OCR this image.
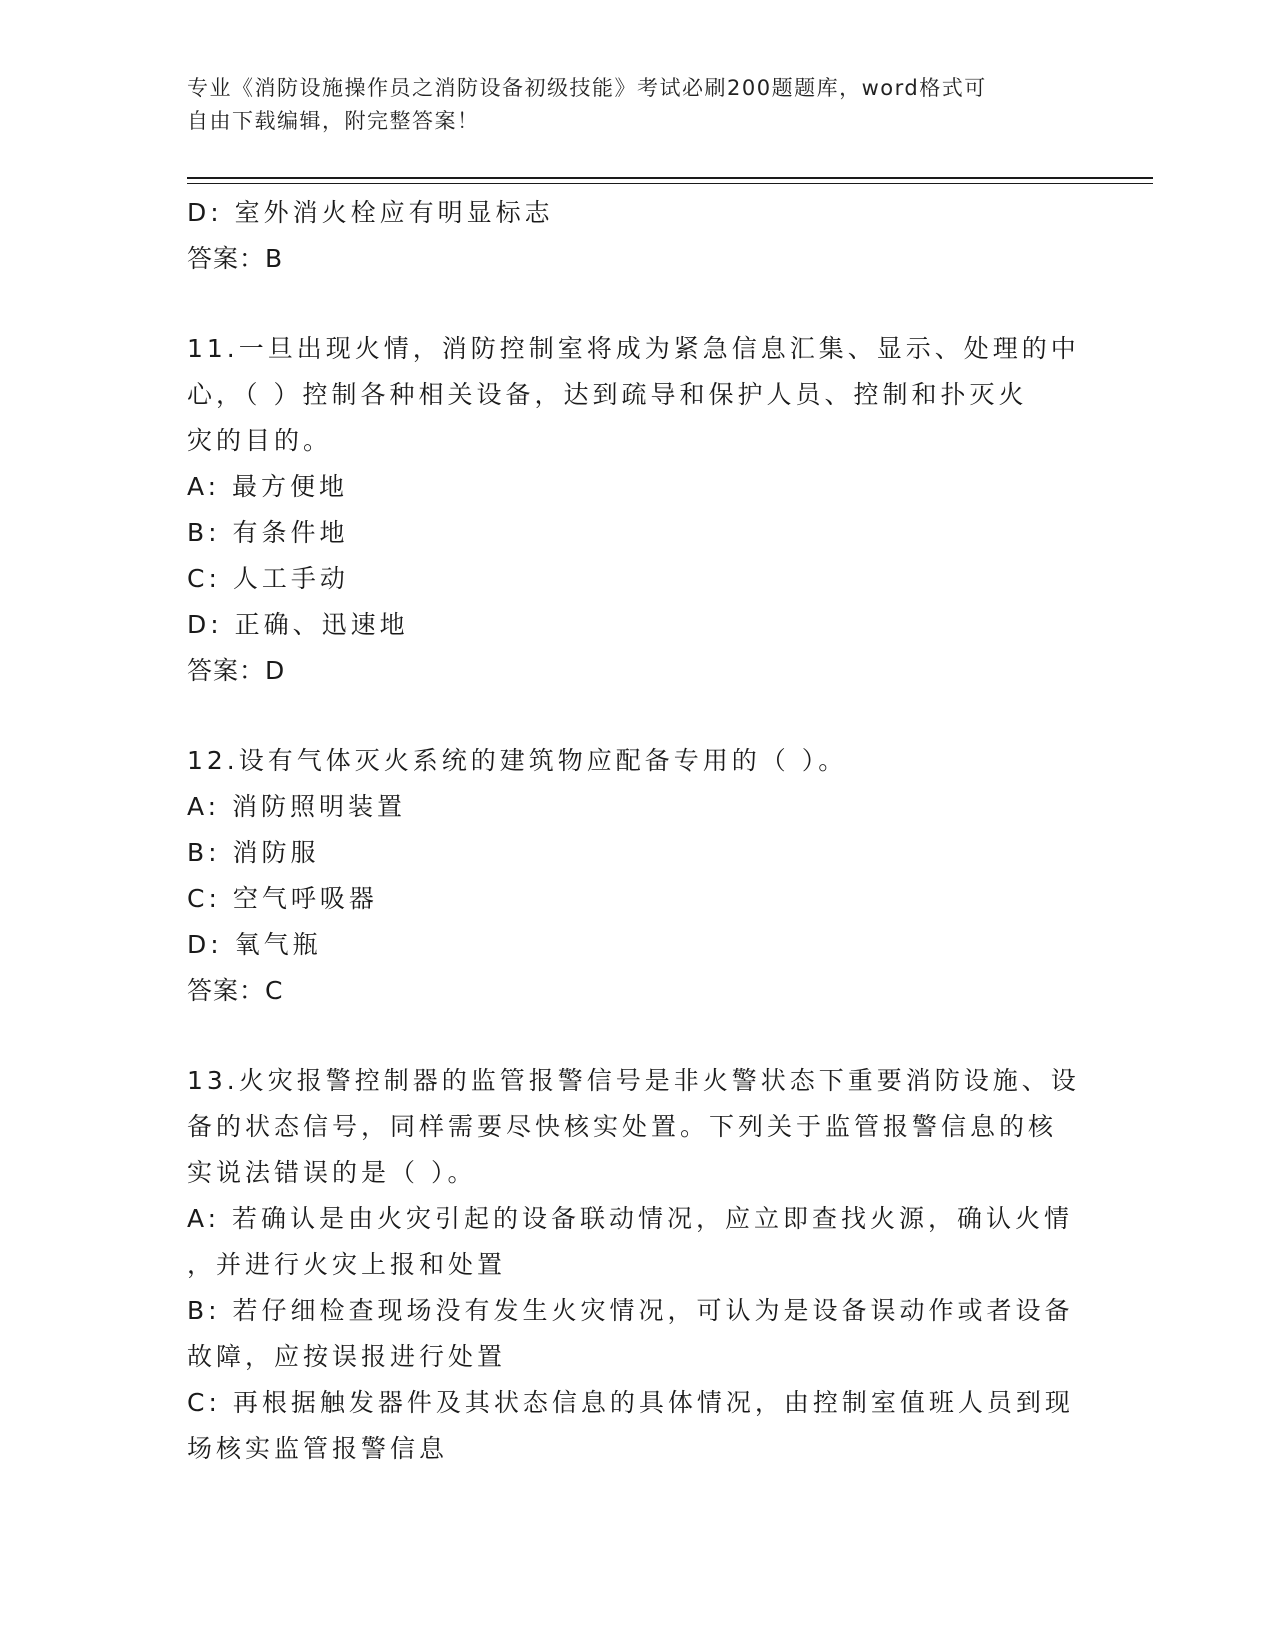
专业《消防设施操作员之消防设备初级技能》考试必刷200题题库，word格式可
自由下载编辑，附完整答案！
D: 室外消火栓应有明显标志
答案：B
11.一旦出现火情，消防控制室将成为紧急信息汇集、显示、处理的中
心，（ ）控制各种相关设备，达到疏导和保护人员、控制和扑灭火
灾的目的。
A: 最方便地
B: 有条件地
C: 人工手动
D: 正确、迅速地
答案：D
12.设有气体灭火系统的建筑物应配备专用的（ ）。
A: 消防照明装置
B: 消防服
C: 空气呼吸器
D: 氧气瓶
答案：C
13.火灾报警控制器的监管报警信号是非火警状态下重要消防设施、设
备的状态信号，同样需要尽快核实处置。下列关于监管报警信息的核
实说法错误的是（ ）。
A: 若确认是由火灾引起的设备联动情况，应立即查找火源，确认火情
，并进行火灾上报和处置
B: 若仔细检查现场没有发生火灾情况，可认为是设备误动作或者设备
故障，应按误报进行处置
C: 再根据触发器件及其状态信息的具体情况，由控制室值班人员到现
场核实监管报警信息
